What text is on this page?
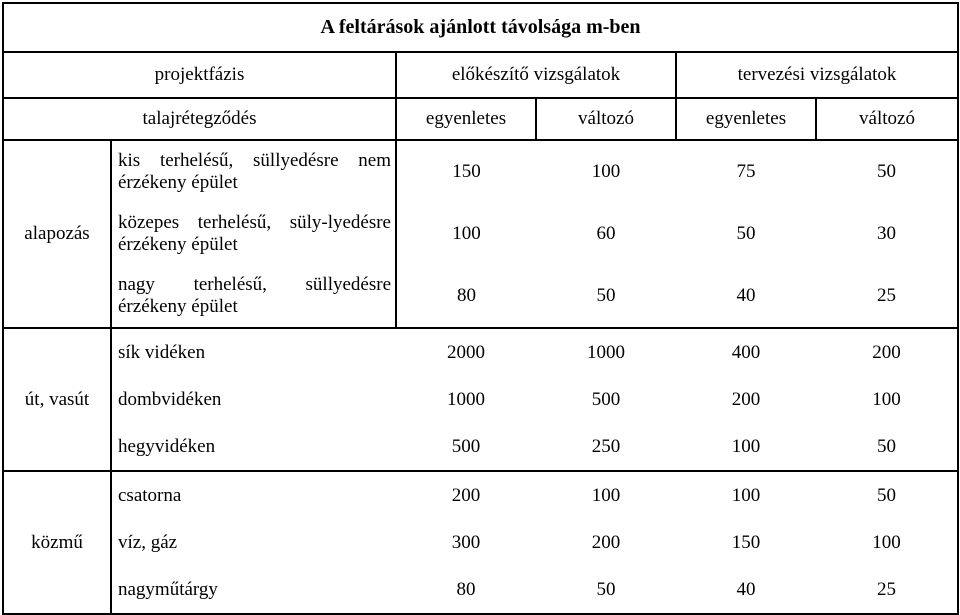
A feltárások ajánlott távolsága m-ben					
projektfázis		előkészítő vizsgálatok		tervezési vizsgálatok	
talajrétegződés		egyenletes	változó	egyenletes	változó
alapozás	kis terhelésű, süllyedésre nem érzékeny épület	150	100	75	50
	közepes terhelésű, süly-lyedésre érzékeny épület	100	60	50	30
	nagy terhelésű, süllyedésre érzékeny épület	80	50	40	25
út, vasút	sík vidéken	2000	1000	400	200
	dombvidéken	1000	500	200	100
	hegyvidéken	500	250	100	50
közmű	csatorna	200	100	100	50
	víz, gáz	300	200	150	100
	nagyműtárgy	80	50	40	25
